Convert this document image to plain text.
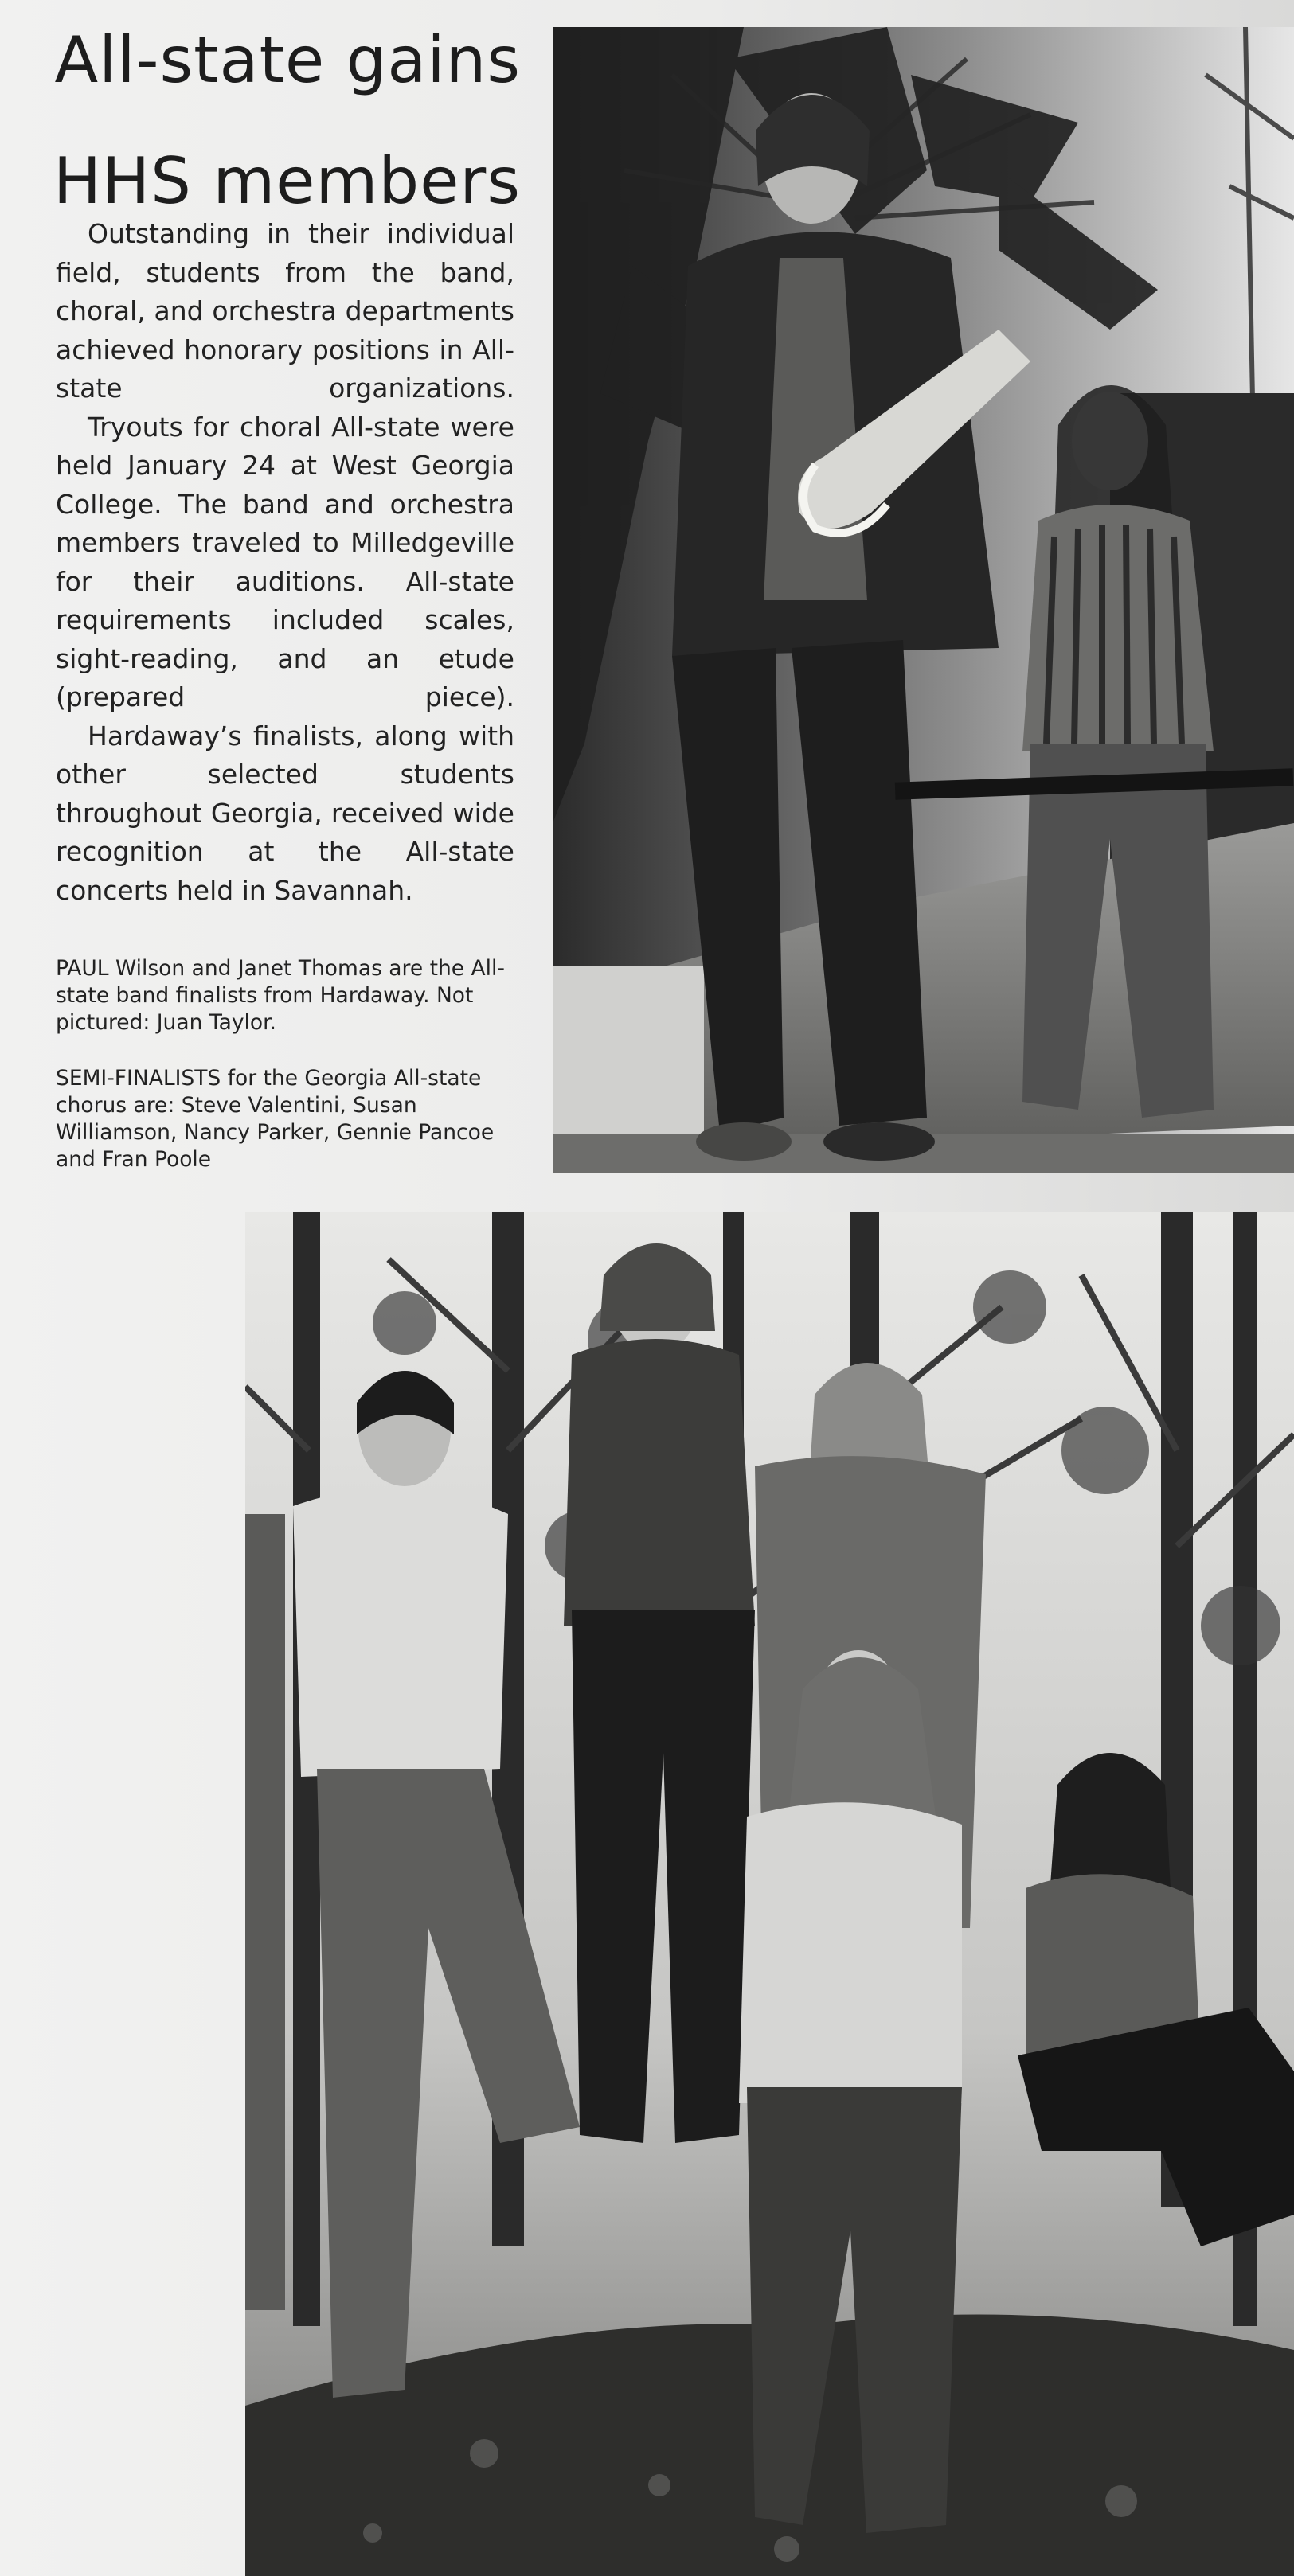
All-state gains
HHS members

Outstanding in their individual field, students from the band, choral, and orchestra departments achieved honorary positions in All-state organizations.

Tryouts for choral All-state were held January 24 at West Georgia College. The band and orchestra members traveled to Milledgeville for their auditions. All-state requirements included scales, sight-reading, and an etude (prepared piece).

Hardaway’s finalists, along with other selected students throughout Georgia, received wide recognition at the All-state concerts held in Savannah.

PAUL Wilson and Janet Thomas are the All-state band finalists from Hardaway. Not pictured: Juan Taylor.
SEMI-FINALISTS for the Georgia All-state chorus are: Steve Valentini, Susan Williamson, Nancy Parker, Gennie Pancoe and Fran Poole
